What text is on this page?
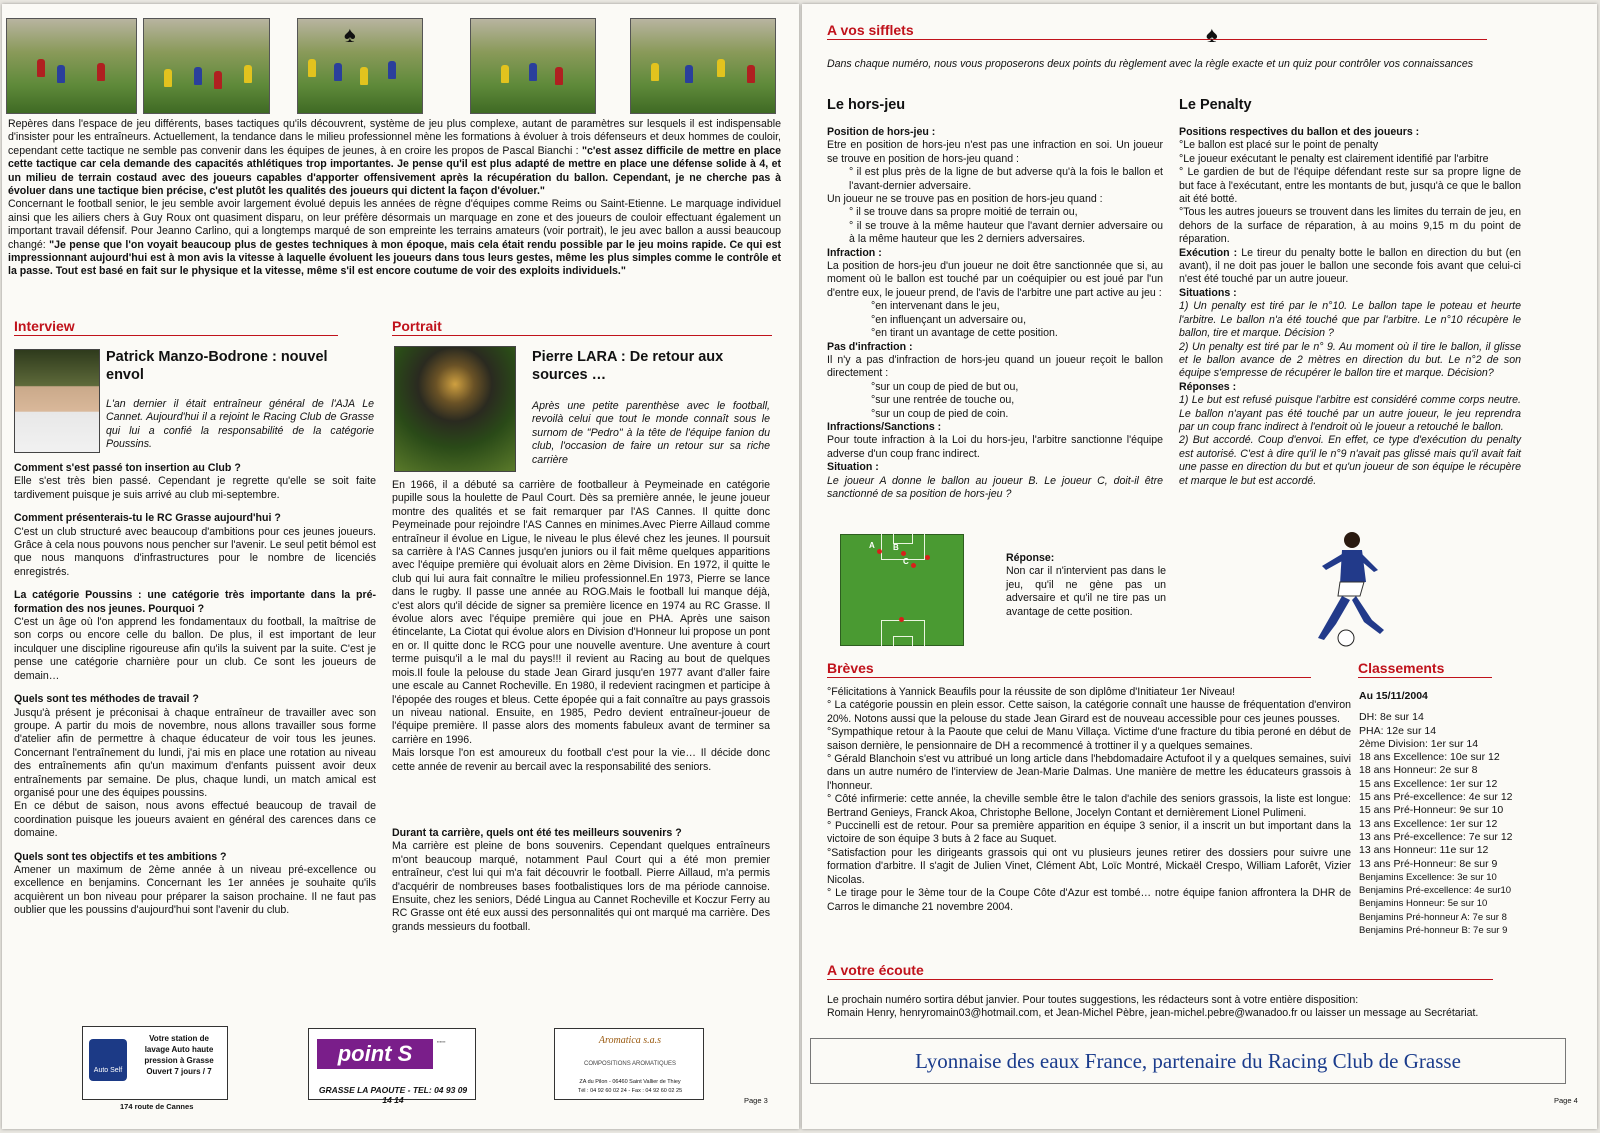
♠
Repères dans l'espace de jeu différents, bases tactiques qu'ils découvrent, système de jeu plus complexe, autant de paramètres sur lesquels il est indispensable d'insister pour les entraîneurs. Actuellement, la tendance dans le milieu professionnel mène les formations à évoluer à trois défenseurs et deux hommes de couloir, cependant cette tactique ne semble pas convenir dans les équipes de jeunes, à en croire les propos de Pascal Bianchi : "c'est assez difficile de mettre en place cette tactique car cela demande des capacités athlétiques trop importantes. Je pense qu'il est plus adapté de mettre en place une défense solide à 4, et un milieu de terrain costaud avec des joueurs capables d'apporter offensivement après la récupération du ballon. Cependant, je ne cherche pas à évoluer dans une tactique bien précise, c'est plutôt les qualités des joueurs qui dictent la façon d'évoluer."
Concernant le football senior, le jeu semble avoir largement évolué depuis les années de règne d'équipes comme Reims ou Saint-Etienne. Le marquage individuel ainsi que les ailiers chers à Guy Roux ont quasiment disparu, on leur préfère désormais un marquage en zone et des joueurs de couloir effectuant également un important travail défensif. Pour Jeanno Carlino, qui a longtemps marqué de son empreinte les terrains amateurs (voir portrait), le jeu avec ballon a aussi beaucoup changé: "Je pense que l'on voyait beaucoup plus de gestes techniques à mon époque, mais cela était rendu possible par le jeu moins rapide. Ce qui est impressionnant aujourd'hui est à mon avis la vitesse à laquelle évoluent les joueurs dans tous leurs gestes, même les plus simples comme le contrôle et la passe. Tout est basé en fait sur le physique et la vitesse, même s'il est encore coutume de voir des exploits individuels."
Interview
Patrick Manzo-Bodrone : nouvel envol
L'an dernier il était entraîneur général de l'AJA Le Cannet. Aujourd'hui il a rejoint le Racing Club de Grasse qui lui a confié la responsabilité de la catégorie Poussins.
Comment s'est passé ton insertion au Club ?
Elle s'est très bien passé. Cependant je regrette qu'elle se soit faite tardivement puisque je suis arrivé au club mi-septembre.
Comment présenterais-tu le RC Grasse aujourd'hui ?
C'est un club structuré avec beaucoup d'ambitions pour ces jeunes joueurs. Grâce à cela nous pouvons nous pencher sur l'avenir. Le seul petit bémol est que nous manquons d'infrastructures pour le nombre de licenciés enregistrés.
La catégorie Poussins : une catégorie très importante dans la pré-formation des nos jeunes. Pourquoi ?
C'est un âge où l'on apprend les fondamentaux du football, la maîtrise de son corps ou encore celle du ballon. De plus, il est important de leur inculquer une discipline rigoureuse afin qu'ils la suivent par la suite. C'est je pense une catégorie charnière pour un club. Ce sont les joueurs de demain…
Quels sont tes méthodes de travail ?
Jusqu'à présent je préconisai à chaque entraîneur de travailler avec son groupe. A partir du mois de novembre, nous allons travailler sous forme d'atelier afin de permettre à chaque éducateur de voir tous les jeunes. Concernant l'entraînement du lundi, j'ai mis en place une rotation au niveau des entraînements afin qu'un maximum d'enfants puissent avoir deux entraînements par semaine. De plus, chaque lundi, un match amical est organisé pour une des équipes poussins.
En ce début de saison, nous avons effectué beaucoup de travail de coordination puisque les joueurs avaient en général des carences dans ce domaine.
Quels sont tes objectifs et tes ambitions ?
Amener un maximum de 2ème année à un niveau pré-excellence ou excellence en benjamins. Concernant les 1er années je souhaite qu'ils acquièrent un bon niveau pour préparer la saison prochaine. Il ne faut pas oublier que les poussins d'aujourd'hui sont l'avenir du club.
Portrait
Pierre LARA : De retour aux sources …
Après une petite parenthèse avec le football, revoilà celui que tout le monde connaît sous le surnom de "Pedro" à la tête de l'équipe fanion du club, l'occasion de faire un retour sur sa riche carrière
En 1966, il a débuté sa carrière de footballeur à Peymeinade en catégorie pupille sous la houlette de Paul Court. Dès sa première année, le jeune joueur montre des qualités et se fait remarquer par l'AS Cannes. Il quitte donc Peymeinade pour rejoindre l'AS Cannes en minimes.Avec Pierre Aillaud comme entraîneur il évolue en Ligue, le niveau le plus élevé chez les jeunes. Il poursuit sa carrière à l'AS Cannes jusqu'en juniors ou il fait même quelques apparitions avec l'équipe première qui évoluait alors en 2ème Division. En 1972, il quitte le club qui lui aura fait connaître le milieu professionnel.En 1973, Pierre se lance dans le rugby. Il passe une année au ROG.Mais le football lui manque déjà, c'est alors qu'il décide de signer sa première licence en 1974 au RC Grasse. Il évolue alors avec l'équipe première qui joue en PHA. Après une saison étincelante, La Ciotat qui évolue alors en Division d'Honneur lui propose un pont en or. Il quitte donc le RCG pour une nouvelle aventure. Une aventure à court terme puisqu'il a le mal du pays!!! il revient au Racing au bout de quelques mois.Il foule la pelouse du stade Jean Girard jusqu'en 1977 avant d'aller faire une escale au Cannet Rocheville. En 1980, il redevient racingmen et participe à l'épopée des rouges et bleus. Cette épopée qui a fait connaître au pays grassois un niveau national. Ensuite, en 1985, Pedro devient entraîneur-joueur de l'équipe première. Il passe alors des moments fabuleux avant de terminer sa carrière en 1996.
Mais lorsque l'on est amoureux du football c'est pour la vie… Il décide donc cette année de revenir au bercail avec la responsabilité des seniors.
Durant ta carrière, quels ont été tes meilleurs souvenirs ?
Ma carrière est pleine de bons souvenirs. Cependant quelques entraîneurs m'ont beaucoup marqué, notamment Paul Court qui a été mon premier entraîneur, c'est lui qui m'a fait découvrir le football. Pierre Aillaud, m'a permis d'acquérir de nombreuses bases footbalistiques lors de ma période cannoise. Ensuite, chez les seniors, Dédé Lingua au Cannet Rocheville et Koczur Ferry au RC Grasse ont été eux aussi des personnalités qui ont marqué ma carrière. Des grands messieurs du football.
Auto Self
Votre station de
lavage Auto haute
pression à Grasse
Ouvert 7 jours / 7
174 route de Cannes
point S	▪▪▪▪▪▪
GRASSE LA PAOUTE - TEL: 04 93 09 14 14
Aromatica s.a.s
COMPOSITIONS AROMATIQUES
ZA du Pilon - 06460 Saint Vallier de Thiey
Tél : 04 92 60 02 24 - Fax : 04 92 60 02 25
Page 3
A vos sifflets	♠
Dans chaque numéro, nous vous proposerons deux points du règlement avec la règle exacte et un quiz pour contrôler vos connaissances
Le hors-jeu
Position de hors-jeu :
Etre en position de hors-jeu n'est pas une infraction en soi. Un joueur se trouve en position de hors-jeu quand :
° il est plus près de la ligne de but adverse qu'à la fois le ballon et l'avant-dernier adversaire.
Un joueur ne se trouve pas en position de hors-jeu quand :
° il se trouve dans sa propre moitié de terrain ou,
° il se trouve à la même hauteur que l'avant dernier adversaire ou à la même hauteur que les 2 derniers adversaires.
Infraction :
La position de hors-jeu d'un joueur ne doit être sanctionnée que si, au moment où le ballon est touché par un coéquipier ou est joué par l'un d'entre eux, le joueur prend, de l'avis de l'arbitre une part active au jeu :
°en intervenant dans le jeu,
°en influençant un adversaire ou,
°en tirant un avantage de cette position.
Pas d'infraction :
Il n'y a pas d'infraction de hors-jeu quand un joueur reçoit le ballon directement :
°sur un coup de pied de but ou,
°sur une rentrée de touche ou,
°sur un coup de pied de coin.
Infractions/Sanctions :
Pour toute infraction à la Loi du hors-jeu, l'arbitre sanctionne l'équipe adverse d'un coup franc indirect.
Situation :
Le joueur A donne le ballon au joueur B. Le joueur C, doit-il être sanctionné de sa position de hors-jeu ?
A B
C	Réponse:
Non car il n'intervient pas dans le jeu, qu'il ne gène pas un adversaire et qu'il ne tire pas un avantage de cette position.
Le Penalty
Positions respectives du ballon et des joueurs :
°Le ballon est placé sur le point de penalty
°Le joueur exécutant le penalty est clairement identifié par l'arbitre
° Le gardien de but de l'équipe défendant reste sur sa propre ligne de but face à l'exécutant, entre les montants de but, jusqu'à ce que le ballon ait été botté.
°Tous les autres joueurs se trouvent dans les limites du terrain de jeu, en dehors de la surface de réparation, à au moins 9,15 m du point de réparation.
Exécution : Le tireur du penalty botte le ballon en direction du but (en avant), il ne doit pas jouer le ballon une seconde fois avant que celui-ci n'est été touché par un autre joueur.
Situations :
1) Un penalty est tiré par le n°10. Le ballon tape le poteau et heurte l'arbitre. Le ballon n'a été touché que par l'arbitre. Le n°10 récupère le ballon, tire et marque. Décision ?
2) Un penalty est tiré par le n° 9. Au moment où il tire le ballon, il glisse et le ballon avance de 2 mètres en direction du but. Le n°2 de son équipe s'empresse de récupérer le ballon tire et marque. Décision?
Réponses :
1) Le but est refusé puisque l'arbitre est considéré comme corps neutre. Le ballon n'ayant pas été touché par un autre joueur, le jeu reprendra par un coup franc indirect à l'endroit où le joueur a retouché le ballon.
2) But accordé. Coup d'envoi. En effet, ce type d'exécution du penalty est autorisé. C'est à dire qu'il le n°9 n'avait pas glissé mais qu'il avait fait une passe en direction du but et qu'un joueur de son équipe le récupère et marque le but est accordé.
Brèves
°Félicitations à Yannick Beaufils pour la réussite de son diplôme d'Initiateur 1er Niveau!
° La catégorie poussin en plein essor. Cette saison, la catégorie connaît une hausse de fréquentation d'environ 20%. Notons aussi que la pelouse du stade Jean Girard est de nouveau accessible pour ces jeunes pousses.
°Sympathique retour à la Paoute que celui de Manu Villaça. Victime d'une fracture du tibia peroné en début de saison dernière, le pensionnaire de DH a recommencé à trottiner il y a quelques semaines.
° Gérald Blanchoin s'est vu attribué un long article dans l'hebdomadaire Actufoot il y a quelques semaines, suivi dans un autre numéro de l'interview de Jean-Marie Dalmas. Une manière de mettre les éducateurs grassois à l'honneur.
° Côté infirmerie: cette année, la cheville semble être le talon d'achile des seniors grassois, la liste est longue: Bertrand Genieys, Franck Akoa, Christophe Bellone, Jocelyn Contant et dernièrement Lionel Pulimeni.
° Puccinelli est de retour. Pour sa première apparition en équipe 3 senior, il a inscrit un but important dans la victoire de son équipe 3 buts à 2 face au Suquet.
°Satisfaction pour les dirigeants grassois qui ont vu plusieurs jeunes retirer des dossiers pour suivre une formation d'arbitre. Il s'agit de Julien Vinet, Clément Abt, Loïc Montré, Mickaël Crespo, William Laforêt, Vizier Nicolas.
° Le tirage pour le 3ème tour de la Coupe Côte d'Azur est tombé… notre équipe fanion affrontera la DHR de Carros le dimanche 21 novembre 2004.
Classements
Au 15/11/2004
DH: 8e sur 14
PHA: 12e sur 14
2ème Division: 1er sur 14
18 ans Excellence: 10e sur 12
18 ans Honneur: 2e sur 8
15 ans Excellence: 1er sur 12
15 ans Pré-excellence: 4e sur 12
15 ans Pré-Honneur: 9e sur 10
13 ans Excellence: 1er sur 12
13 ans Pré-excellence: 7e sur 12
13 ans Honneur: 11e sur 12
13 ans Pré-Honneur: 8e sur 9
Benjamins Excellence: 3e sur 10
Benjamins Pré-excellence: 4e sur10
Benjamins Honneur: 5e sur 10
Benjamins Pré-honneur A: 7e sur 8
Benjamins Pré-honneur B: 7e sur 9
A votre écoute
Le prochain numéro sortira début janvier. Pour toutes suggestions, les rédacteurs sont à votre entière disposition:
Romain Henry, henryromain03@hotmail.com, et Jean-Michel Pèbre, jean-michel.pebre@wanadoo.fr ou laisser un message au Secrétariat.
Lyonnaise des eaux France, partenaire du Racing Club de Grasse
Page 4
